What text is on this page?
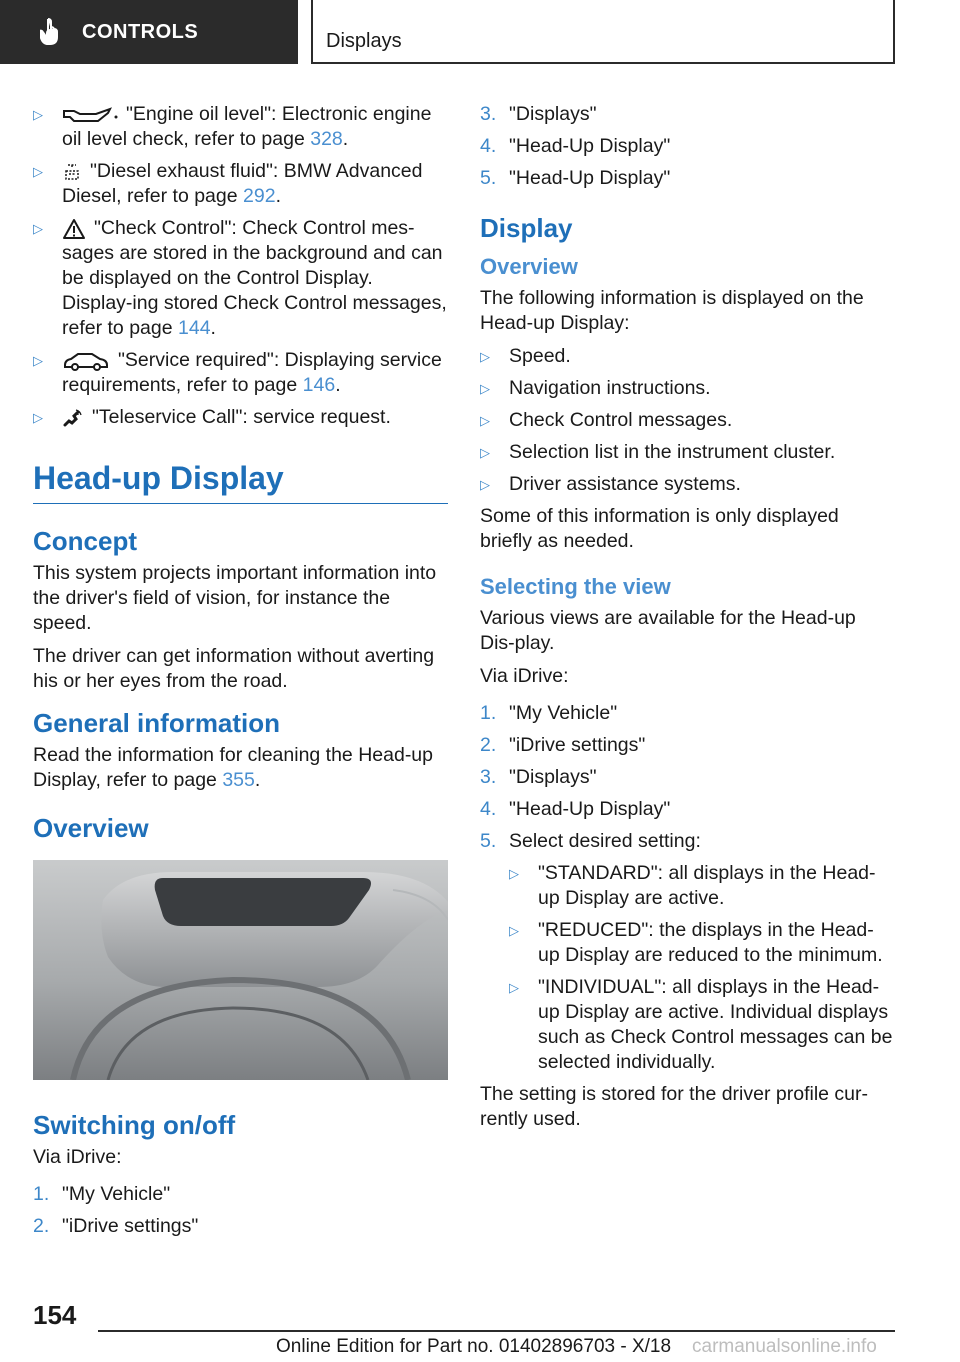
CONTROLS	Displays
▷	"Engine oil level": Electronic engine oil level check, refer to page 328.
▷ "Diesel exhaust fluid": BMW Advanced Diesel, refer to page 292.
▷	"Check Control": Check Control mes-sages are stored in the background and can be displayed on the Control Display. Display-ing stored Check Control messages, refer to page 144.
▷	"Service required": Displaying service requirements, refer to page 146.
▷	"Teleservice Call": service request.
Head-up Display
Concept

This system projects important information into the driver's field of vision, for instance the speed.

The driver can get information without averting his or her eyes from the road.

General information

Read the information for cleaning the Head-up Display, refer to page 355.

Overview
Switching on/off

Via iDrive:

1. "My Vehicle"
2. "iDrive settings"
3. "Displays"
4. "Head-Up Display"
5. "Head-Up Display"
Display
Overview

The following information is displayed on the Head-up Display:

▷ Speed.
▷ Navigation instructions.
▷ Check Control messages.
▷ Selection list in the instrument cluster.
▷ Driver assistance systems.

Some of this information is only displayed briefly as needed.

Selecting the view

Various views are available for the Head-up Dis-play.

Via iDrive:

1. "My Vehicle"
2. "iDrive settings"
3. "Displays"
4. "Head-Up Display"
5. Select desired setting:
▷ "STANDARD": all displays in the Head-up Display are active.
▷ "REDUCED": the displays in the Head-up Display are reduced to the minimum.
▷ "INDIVIDUAL": all displays in the Head-up Display are active. Individual displays such as Check Control messages can be selected individually.

The setting is stored for the driver profile cur-rently used.

154
Online Edition for Part no. 01402896703 - X/18 carmanualsonline.info
